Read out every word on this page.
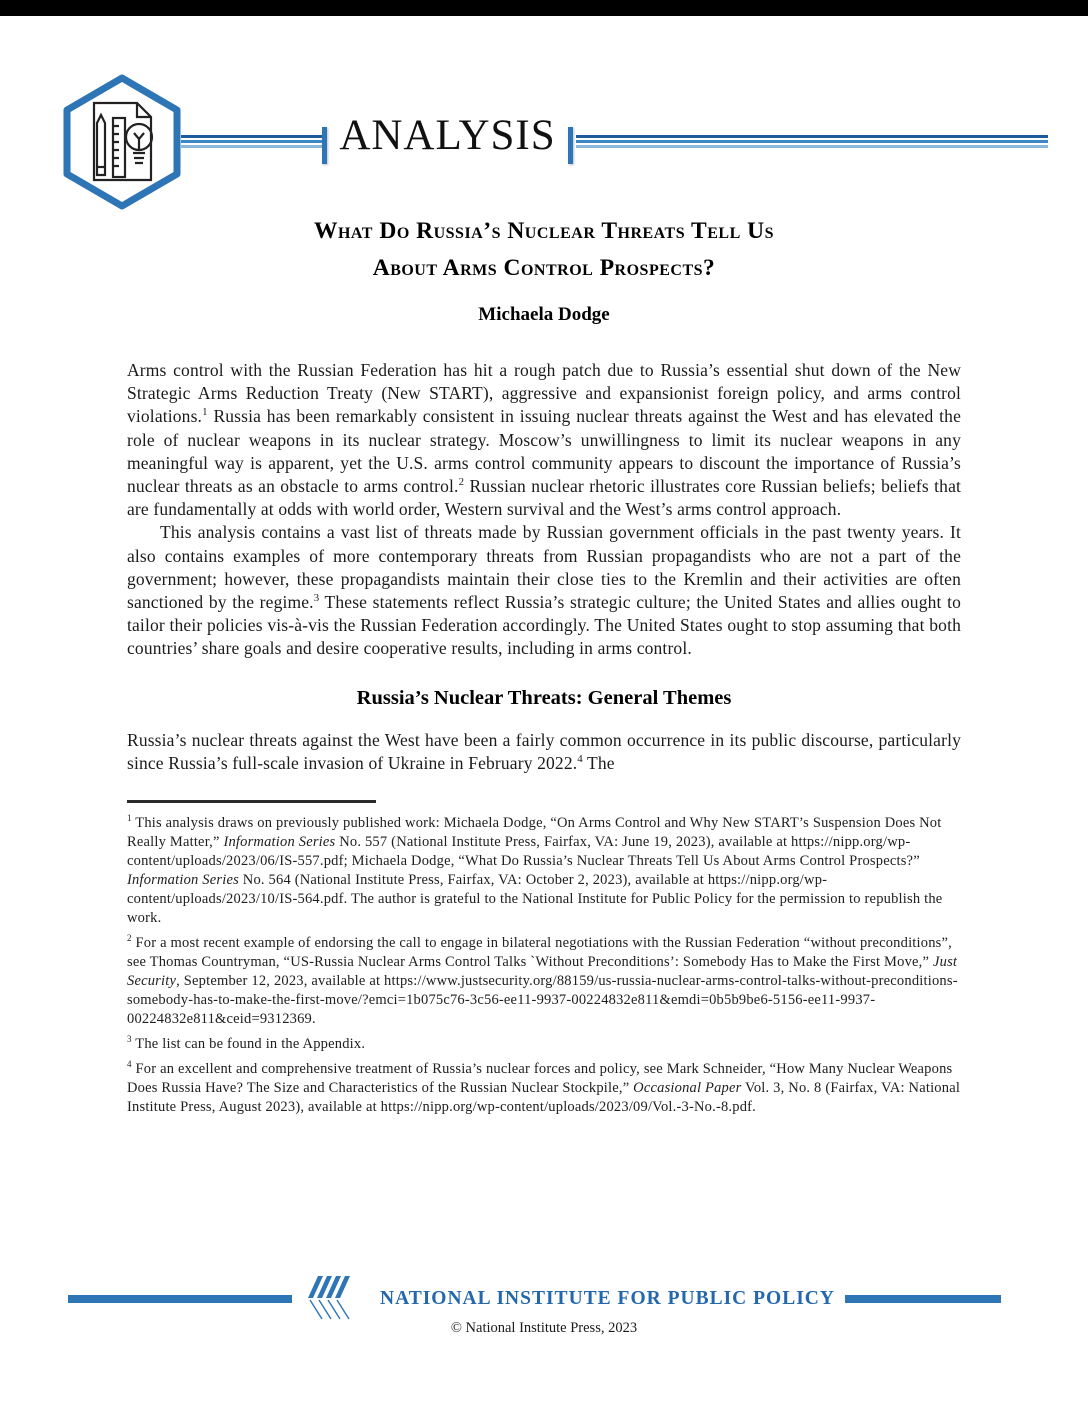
ANALYSIS
What Do Russia’s Nuclear Threats Tell Us
About Arms Control Prospects?
Michaela Dodge

Arms control with the Russian Federation has hit a rough patch due to Russia’s essential shut down of the New Strategic Arms Reduction Treaty (New START), aggressive and expansionist foreign policy, and arms control violations.$^1$ Russia has been remarkably consistent in issuing nuclear threats against the West and has elevated the role of nuclear weapons in its nuclear strategy. Moscow’s unwillingness to limit its nuclear weapons in any meaningful way is apparent, yet the U.S. arms control community appears to discount the importance of Russia’s nuclear threats as an obstacle to arms control.$^2$ Russian nuclear rhetoric illustrates core Russian beliefs; beliefs that are fundamentally at odds with world order, Western survival and the West’s arms control approach.

This analysis contains a vast list of threats made by Russian government officials in the past twenty years. It also contains examples of more contemporary threats from Russian propagandists who are not a part of the government; however, these propagandists maintain their close ties to the Kremlin and their activities are often sanctioned by the regime.$^3$ These statements reflect Russia’s strategic culture; the United States and allies ought to tailor their policies vis-à-vis the Russian Federation accordingly. The United States ought to stop assuming that both countries’ share goals and desire cooperative results, including in arms control.

Russia’s Nuclear Threats: General Themes

Russia’s nuclear threats against the West have been a fairly common occurrence in its public discourse, particularly since Russia’s full-scale invasion of Ukraine in February 2022.$^4$ The

$^1$ This analysis draws on previously published work: Michaela Dodge, “On Arms Control and Why New START’s Suspension Does Not Really Matter,” Information Series No. 557 (National Institute Press, Fairfax, VA: June 19, 2023), available at https://nipp.org/wp-content/uploads/2023/06/IS-557.pdf; Michaela Dodge, “What Do Russia’s Nuclear Threats Tell Us About Arms Control Prospects?” Information Series No. 564 (National Institute Press, Fairfax, VA: October 2, 2023), available at https://nipp.org/wp-content/uploads/2023/10/IS-564.pdf. The author is grateful to the National Institute for Public Policy for the permission to republish the work.
$^2$ For a most recent example of endorsing the call to engage in bilateral negotiations with the Russian Federation “without preconditions”, see Thomas Countryman, “US-Russia Nuclear Arms Control Talks `Without Preconditions’: Somebody Has to Make the First Move,” Just Security, September 12, 2023, available at https://www.justsecurity.org/88159/us-russia-nuclear-arms-control-talks-without-preconditions-somebody-has-to-make-the-first-move/?emci=1b075c76-3c56-ee11-9937-00224832e811&emdi=0b5b9be6-5156-ee11-9937-00224832e811&ceid=9312369.
$^3$ The list can be found in the Appendix.
$^4$ For an excellent and comprehensive treatment of Russia’s nuclear forces and policy, see Mark Schneider, “How Many Nuclear Weapons Does Russia Have? The Size and Characteristics of the Russian Nuclear Stockpile,” Occasional Paper Vol. 3, No. 8 (Fairfax, VA: National Institute Press, August 2023), available at https://nipp.org/wp-content/uploads/2023/09/Vol.-3-No.-8.pdf.
NATIONAL INSTITUTE FOR PUBLIC POLICY
© National Institute Press, 2023
